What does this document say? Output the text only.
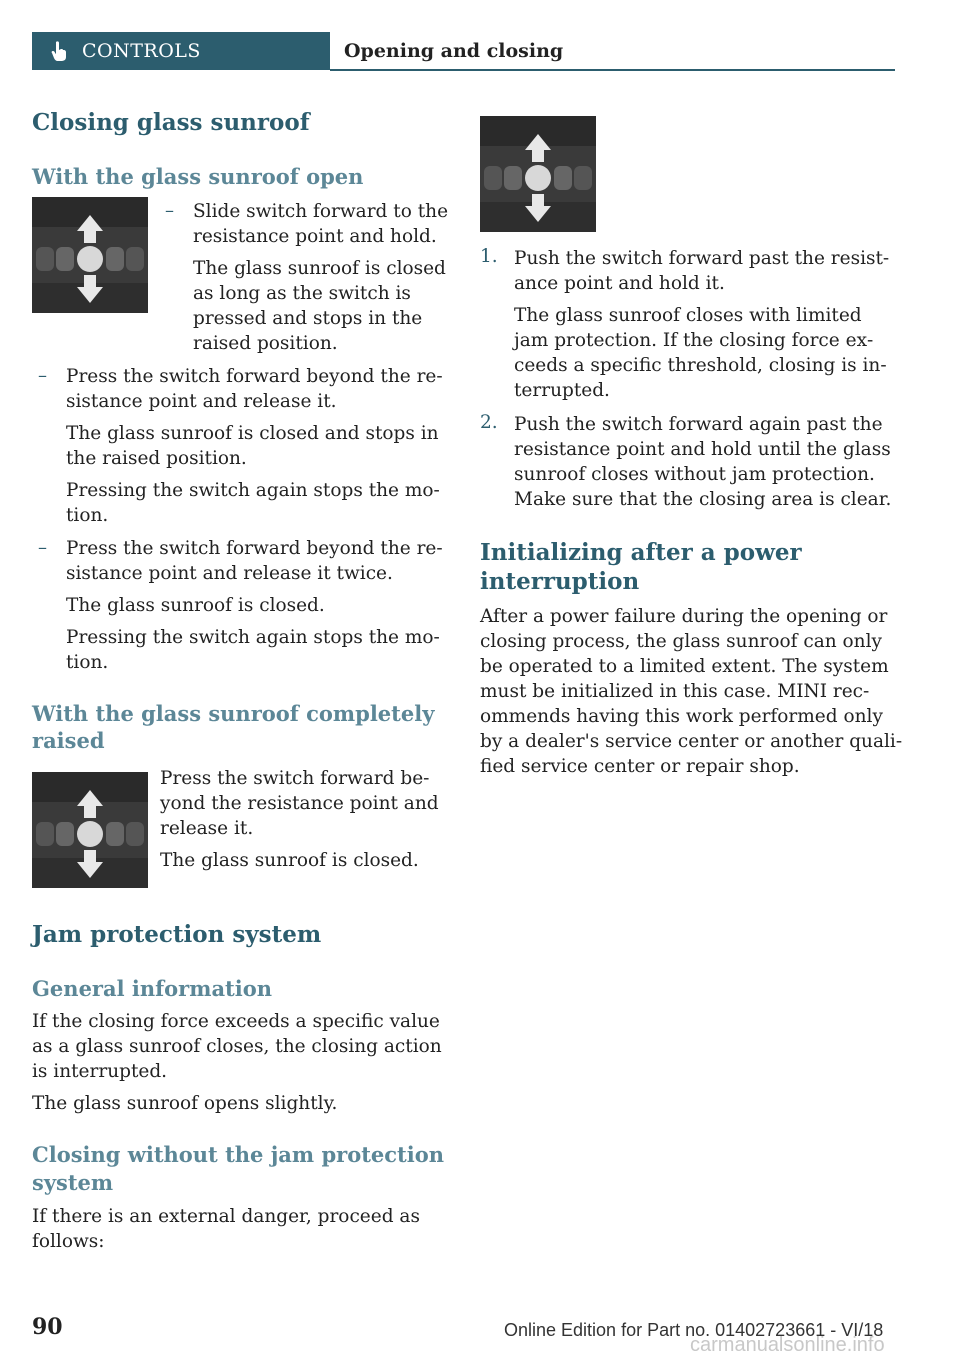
CONTROLS	Opening and closing
Closing glass sunroof
With the glass sunroof open
– Slide switch forward to the

resistance point and hold.

The glass sunroof is closed

as long as the switch is

pressed and stops in the

raised position.

– Press the switch forward beyond the re‐

sistance point and release it.

The glass sunroof is closed and stops in

the raised position.

Pressing the switch again stops the mo‐

tion.

– Press the switch forward beyond the re‐

sistance point and release it twice.

The glass sunroof is closed.

Pressing the switch again stops the mo‐

tion.

With the glass sunroof completely
raised

Press the switch forward be‐

yond the resistance point and

release it.

The glass sunroof is closed.

Jam protection system
General information

If the closing force exceeds a specific value

as a glass sunroof closes, the closing action

is interrupted.

The glass sunroof opens slightly.

Closing without the jam protection
system

If there is an external danger, proceed as

follows:

1. Push the switch forward past the resist‐

ance point and hold it.

The glass sunroof closes with limited

jam protection. If the closing force ex‐

ceeds a specific threshold, closing is in‐

terrupted.

2. Push the switch forward again past the

resistance point and hold until the glass

sunroof closes without jam protection.

Make sure that the closing area is clear.

Initializing after a power
interruption

After a power failure during the opening or

closing process, the glass sunroof can only

be operated to a limited extent. The system

must be initialized in this case. MINI rec‐

ommends having this work performed only

by a dealer's service center or another quali‐

fied service center or repair shop.

90	Online Edition for Part no. 01402723661 - VI/18
carmanualsonline.info
